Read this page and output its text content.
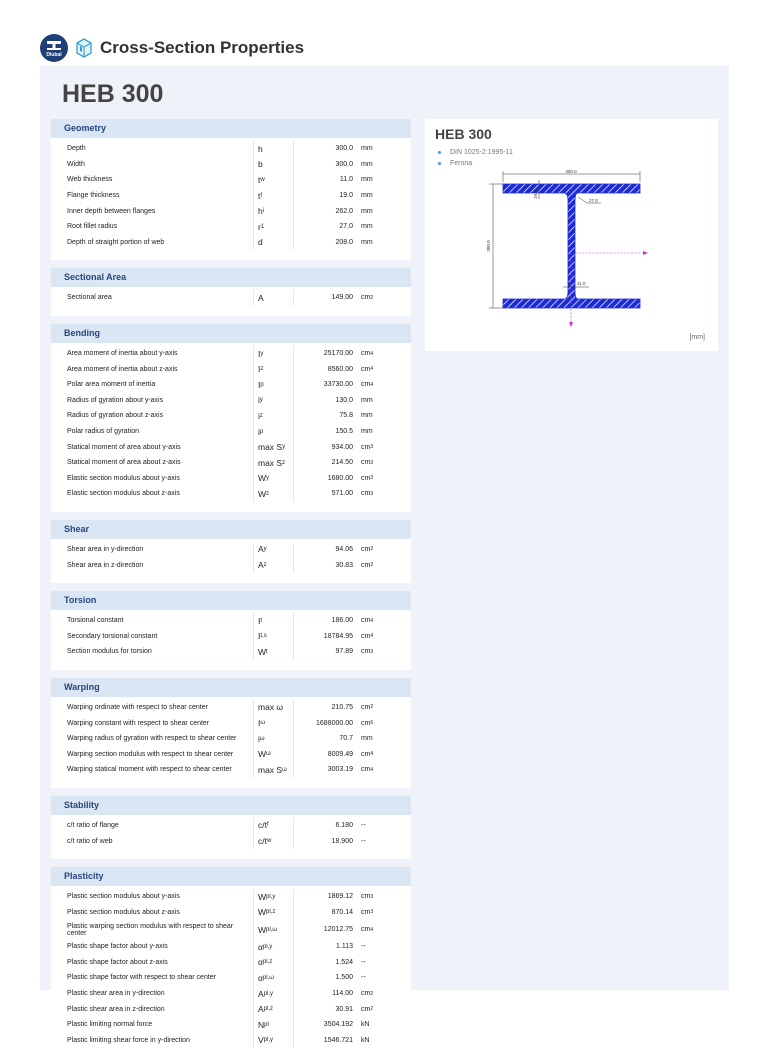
Dlubal Cross-Section Properties
HEB 300
Geometry
Depth	h	300.0	mm
Width	b	300.0	mm
Web thickness	t w	11.0	mm
Flange thickness	t f	19.0	mm
Inner depth between flanges	h i	262.0	mm
Root fillet radius	r 1	27.0	mm
Depth of straight portion of web	d	208.0	mm
Sectional Area
Sectional area	A	149.00	cm 2
Bending
Area moment of inertia about y-axis	I y	25170.00	cm 4
Area moment of inertia about z-axis	I z	8560.00	cm 4
Polar area moment of inertia	I p	33730.00	cm 4
Radius of gyration about y-axis	i y	130.0	mm
Radius of gyration about z-axis	i z	75.8	mm
Polar radius of gyration	i p	150.5	mm
Statical moment of area about y-axis	max S y	934.00	cm 3
Statical moment of area about z-axis	max S z	214.50	cm 3
Elastic section modulus about y-axis	W y	1680.00	cm 3
Elastic section modulus about z-axis	W z	571.00	cm 3
Shear
Shear area in y-direction	A y	94.06	cm 2
Shear area in z-direction	A z	30.83	cm 2
Torsion
Torsional constant	I t	186.00	cm 4
Secondary torsional constant	I t,s	18784.95	cm 4
Section modulus for torsion	W t	97.89	cm 3
Warping
Warping ordinate with respect to shear center	max ω	210.75	cm 2
Warping constant with respect to shear center	I ω	1688000.00	cm 6
Warping radius of gyration with respect to shear center	i ω	70.7	mm
Warping section modulus with respect to shear center	W ω	8009.49	cm 4
Warping statical moment with respect to shear center	max S ω	3003.19	cm 4
Stability
c/t ratio of flange	c/t f	6.180	--
c/t ratio of web	c/t w	18.900	--
Plasticity
Plastic section modulus about y-axis	W pl,y	1869.12	cm 3
Plastic section modulus about z-axis	W pl,z	870.14	cm 3
Plastic warping section modulus with respect to shear center	W pl,ω	12012.75	cm 4
Plastic shape factor about y-axis	α pl,y	1.113	--
Plastic shape factor about z-axis	α pl,z	1.524	--
Plastic shape factor with respect to shear center	α pl,ω	1.500	--
Plastic shear area in y-direction	A pl,y	114.00	cm 2
Plastic shear area in z-direction	A pl,z	30.91	cm 2
Plastic limiting normal force	N pl	3504.192	kN
Plastic limiting shear force in y-direction	V pl,y	1546.721	kN
HEB 300
DIN 1025-2:1995-11
Ferona
300.0
300.0
19.0
27.0
11.0
[mm]
